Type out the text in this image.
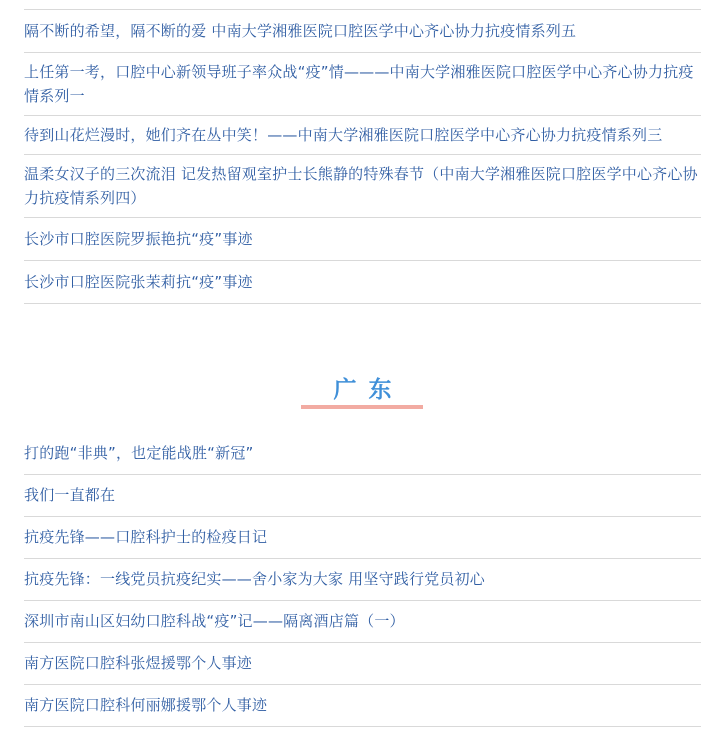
隔不断的希望，隔不断的爱 中南大学湘雅医院口腔医学中心齐心协力抗疫情系列五
上任第一考，口腔中心新领导班子率众战“疫”情———中南大学湘雅医院口腔医学中心齐心协力抗疫情系列一
待到山花烂漫时，她们齐在丛中笑！——中南大学湘雅医院口腔医学中心齐心协力抗疫情系列三
温柔女汉子的三次流泪 记发热留观室护士长熊静的特殊春节（中南大学湘雅医院口腔医学中心齐心协力抗疫情系列四）
长沙市口腔医院罗振艳抗“疫”事迹
长沙市口腔医院张茉莉抗“疫”事迹
广东
打的跑“非典”，也定能战胜“新冠”
我们一直都在
抗疫先锋——口腔科护士的检疫日记
抗疫先锋：一线党员抗疫纪实——舍小家为大家 用坚守践行党员初心
深圳市南山区妇幼口腔科战“疫”记——隔离酒店篇（一）
南方医院口腔科张煜援鄂个人事迹
南方医院口腔科何丽娜援鄂个人事迹
